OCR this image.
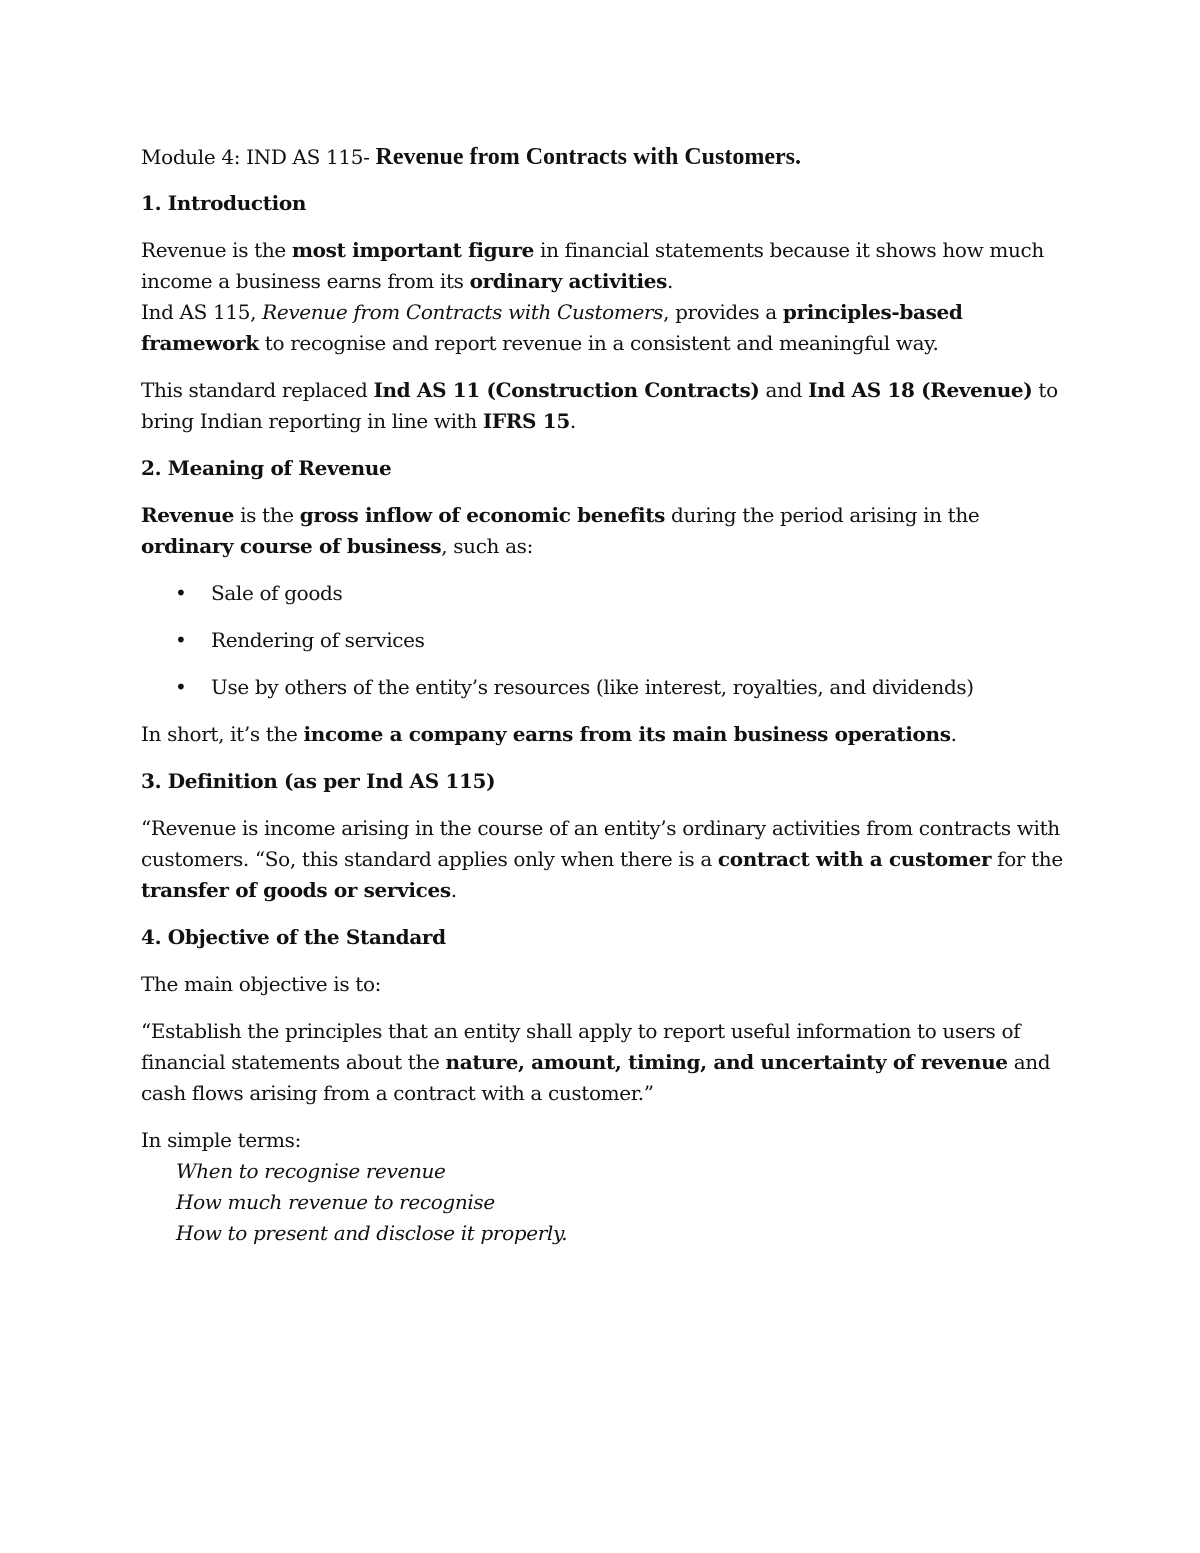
Module 4: IND AS 115- Revenue from Contracts with Customers.

1. Introduction

Revenue is the most important figure in financial statements because it shows how much income a business earns from its ordinary activities.

Ind AS 115, Revenue from Contracts with Customers, provides a principles-based framework to recognise and report revenue in a consistent and meaningful way.

This standard replaced Ind AS 11 (Construction Contracts) and Ind AS 18 (Revenue) to bring Indian reporting in line with IFRS 15.

2. Meaning of Revenue

Revenue is the gross inflow of economic benefits during the period arising in the ordinary course of business, such as:

• Sale of goods
• Rendering of services
• Use by others of the entity’s resources (like interest, royalties, and dividends)

In short, it’s the income a company earns from its main business operations.

3. Definition (as per Ind AS 115)

“Revenue is income arising in the course of an entity’s ordinary activities from contracts with customers. “So, this standard applies only when there is a contract with a customer for the transfer of goods or services.

4. Objective of the Standard

The main objective is to:

“Establish the principles that an entity shall apply to report useful information to users of financial statements about the nature, amount, timing, and uncertainty of revenue and cash flows arising from a contract with a customer.”

In simple terms:

When to recognise revenue

How much revenue to recognise

How to present and disclose it properly.
